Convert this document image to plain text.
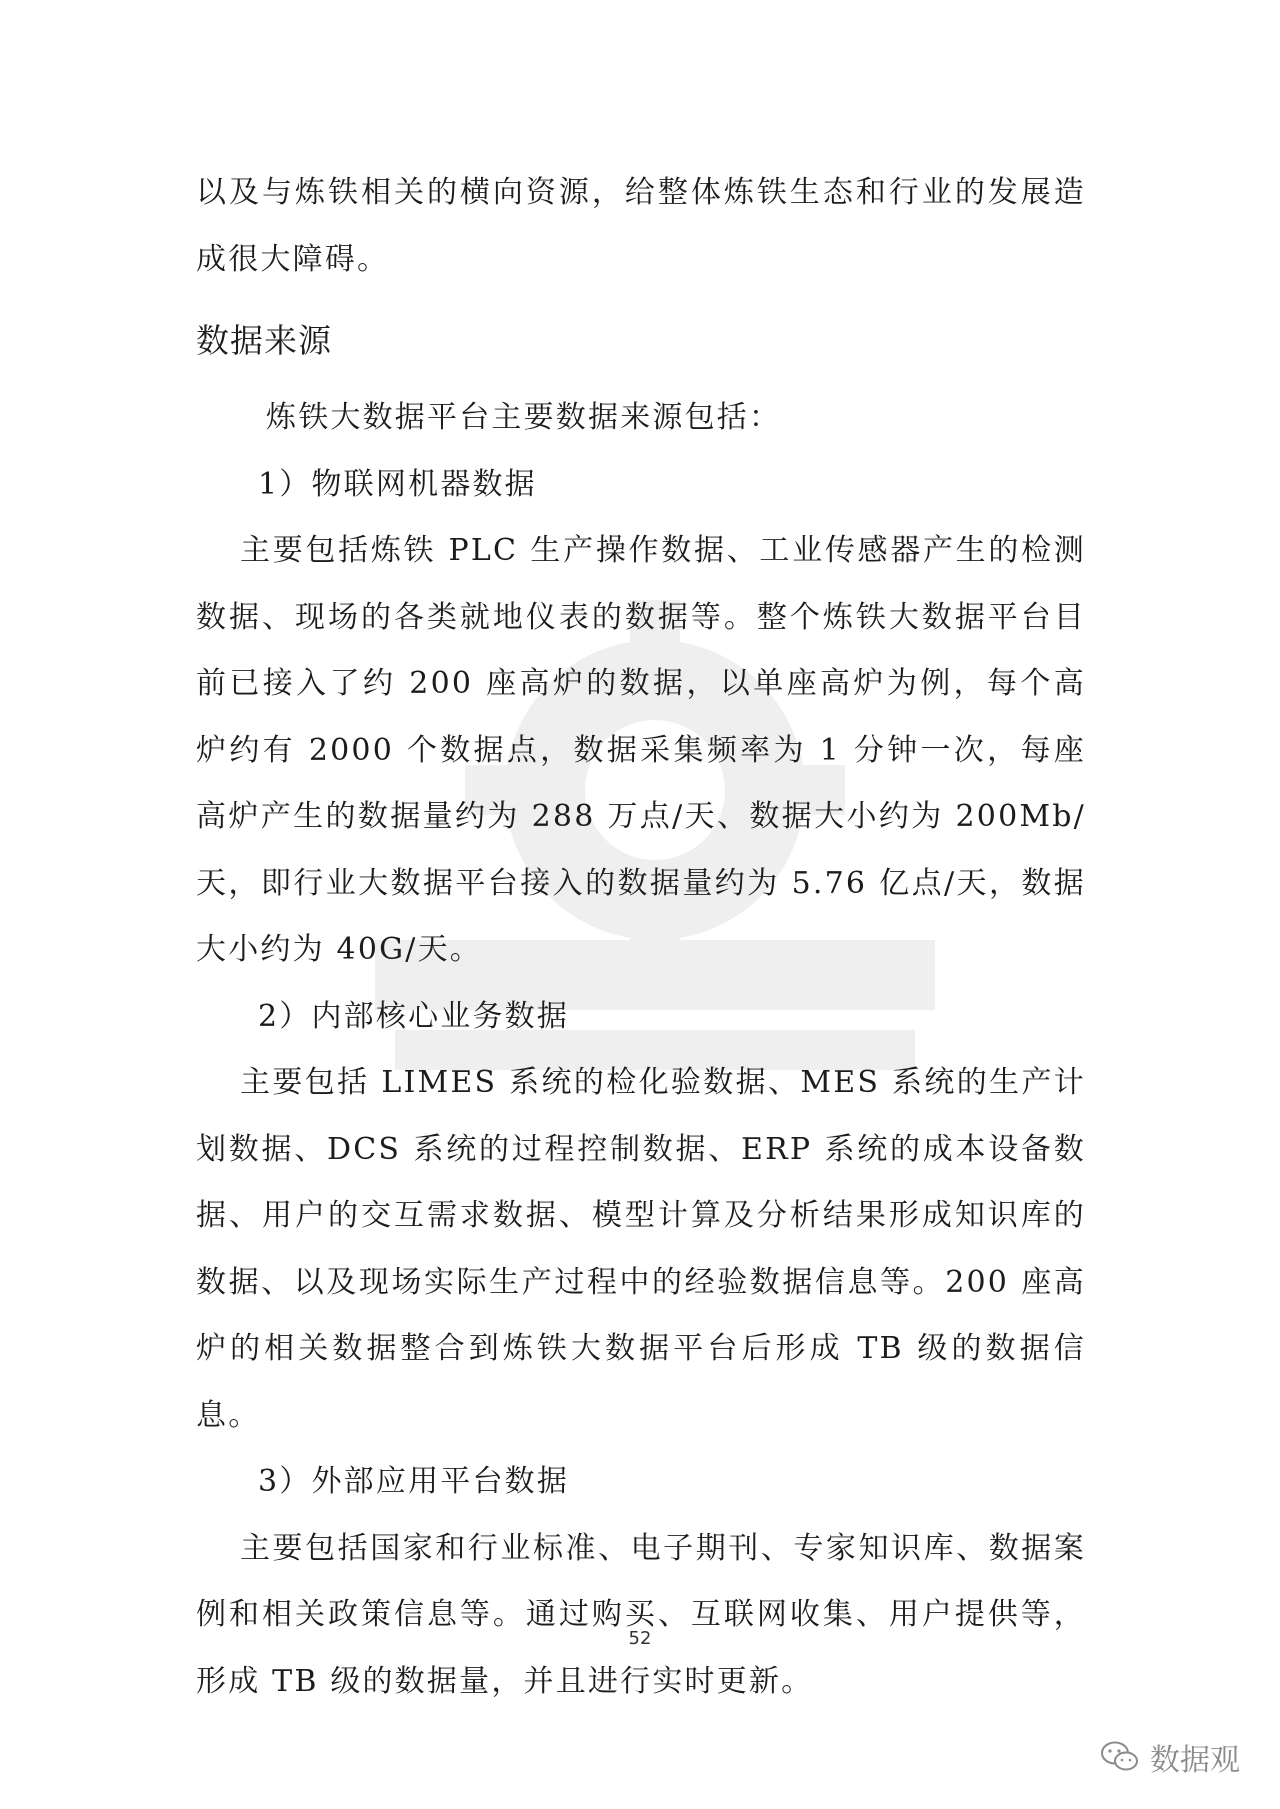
以及与炼铁相关的横向资源，给整体炼铁生态和行业的发展造成很大障碍。

数据来源

炼铁大数据平台主要数据来源包括：

1）物联网机器数据

主要包括炼铁 PLC 生产操作数据、工业传感器产生的检测数据、现场的各类就地仪表的数据等。整个炼铁大数据平台目前已接入了约 200 座高炉的数据，以单座高炉为例，每个高炉约有 2000 个数据点，数据采集频率为 1 分钟一次，每座高炉产生的数据量约为 288 万点/天、数据大小约为 200Mb/ 天，即行业大数据平台接入的数据量约为 5.76 亿点/天，数据大小约为 40G/天。

2）内部核心业务数据

主要包括 LIMES 系统的检化验数据、MES 系统的生产计划数据、DCS 系统的过程控制数据、ERP 系统的成本设备数据、用户的交互需求数据、模型计算及分析结果形成知识库的数据、以及现场实际生产过程中的经验数据信息等。200 座高炉的相关数据整合到炼铁大数据平台后形成 TB 级的数据信息。

3）外部应用平台数据

主要包括国家和行业标准、电子期刊、专家知识库、数据案例和相关政策信息等。通过购买、互联网收集、用户提供等，形成 TB 级的数据量，并且进行实时更新。

52
数据观
